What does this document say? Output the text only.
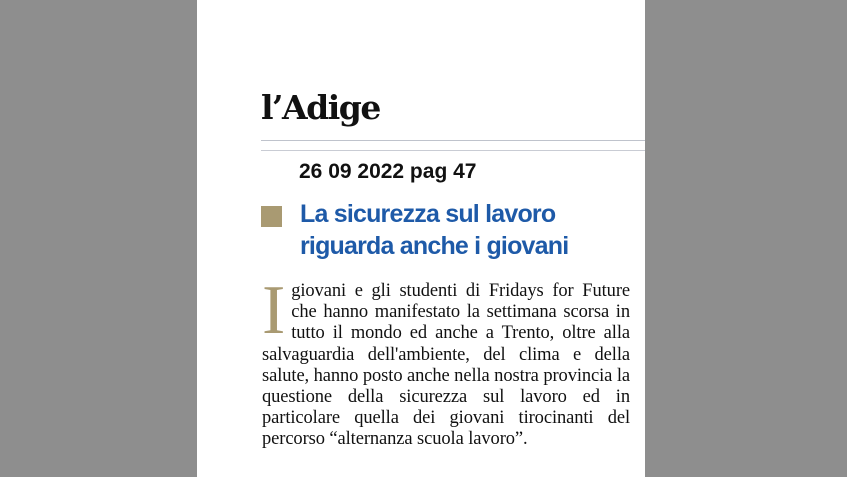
l’Adige
26 09 2022 pag 47
La sicurezza sul lavoro riguarda anche i giovani
Igiovani e gli studenti di Fridays for Future che hanno manifestato la settimana scorsa in tutto il mondo ed anche a Trento, oltre alla salvaguardia dell'ambiente, del clima e della salute, hanno posto anche nella nostra provincia la questione della sicurezza sul lavoro ed in particolare quella dei giovani tirocinanti del percorso “alternanza scuola lavoro”.
